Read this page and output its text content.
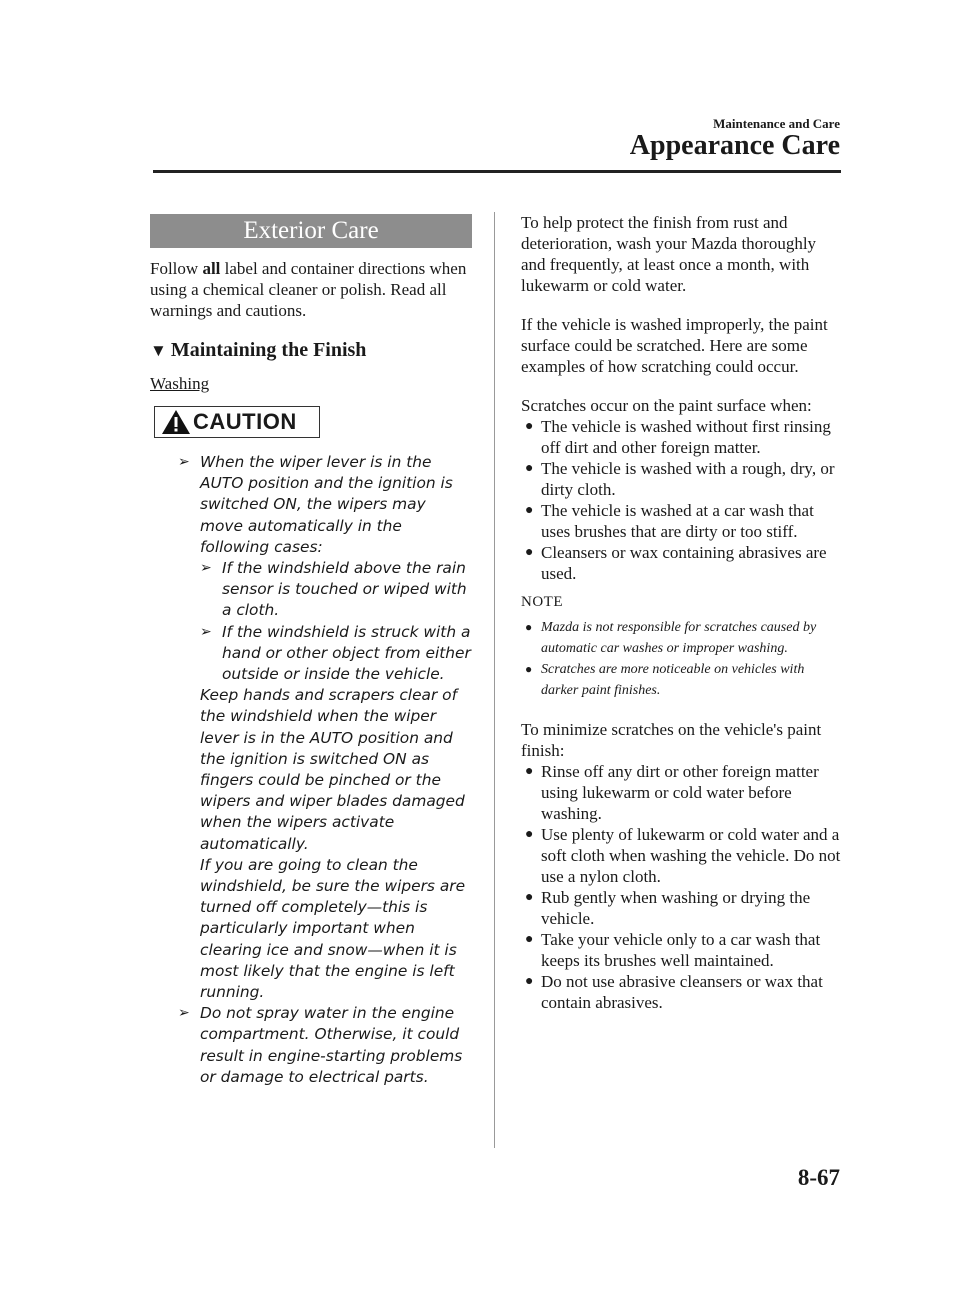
Maintenance and Care
Appearance Care
Exterior Care

Follow all label and container directions when using a chemical cleaner or polish. Read all warnings and cautions.

▼ Maintaining the Finish
Washing
CAUTION
➢ When the wiper lever is in the AUTO position and the ignition is switched ON, the wipers may move automatically in the following cases:
➢ If the windshield above the rain sensor is touched or wiped with a cloth.
➢ If the windshield is struck with a hand or other object from either outside or inside the vehicle.
Keep hands and scrapers clear of the windshield when the wiper lever is in the AUTO position and the ignition is switched ON as fingers could be pinched or the wipers and wiper blades damaged when the wipers activate automatically.
If you are going to clean the windshield, be sure the wipers are turned off completely—this is particularly important when clearing ice and snow—when it is most likely that the engine is left running.
➢ Do not spray water in the engine compartment. Otherwise, it could result in engine-starting problems or damage to electrical parts.

To help protect the finish from rust and deterioration, wash your Mazda thoroughly and frequently, at least once a month, with lukewarm or cold water.

If the vehicle is washed improperly, the paint surface could be scratched. Here are some examples of how scratching could occur.

Scratches occur on the paint surface when:

● The vehicle is washed without first rinsing off dirt and other foreign matter.
● The vehicle is washed with a rough, dry, or dirty cloth.
● The vehicle is washed at a car wash that uses brushes that are dirty or too stiff.
● Cleansers or wax containing abrasives are used.
NOTE
● Mazda is not responsible for scratches caused by automatic car washes or improper washing.
● Scratches are more noticeable on vehicles with darker paint finishes.

To minimize scratches on the vehicle's paint finish:

● Rinse off any dirt or other foreign matter using lukewarm or cold water before washing.
● Use plenty of lukewarm or cold water and a soft cloth when washing the vehicle. Do not use a nylon cloth.
● Rub gently when washing or drying the vehicle.
● Take your vehicle only to a car wash that keeps its brushes well maintained.
● Do not use abrasive cleansers or wax that contain abrasives.
8-67
